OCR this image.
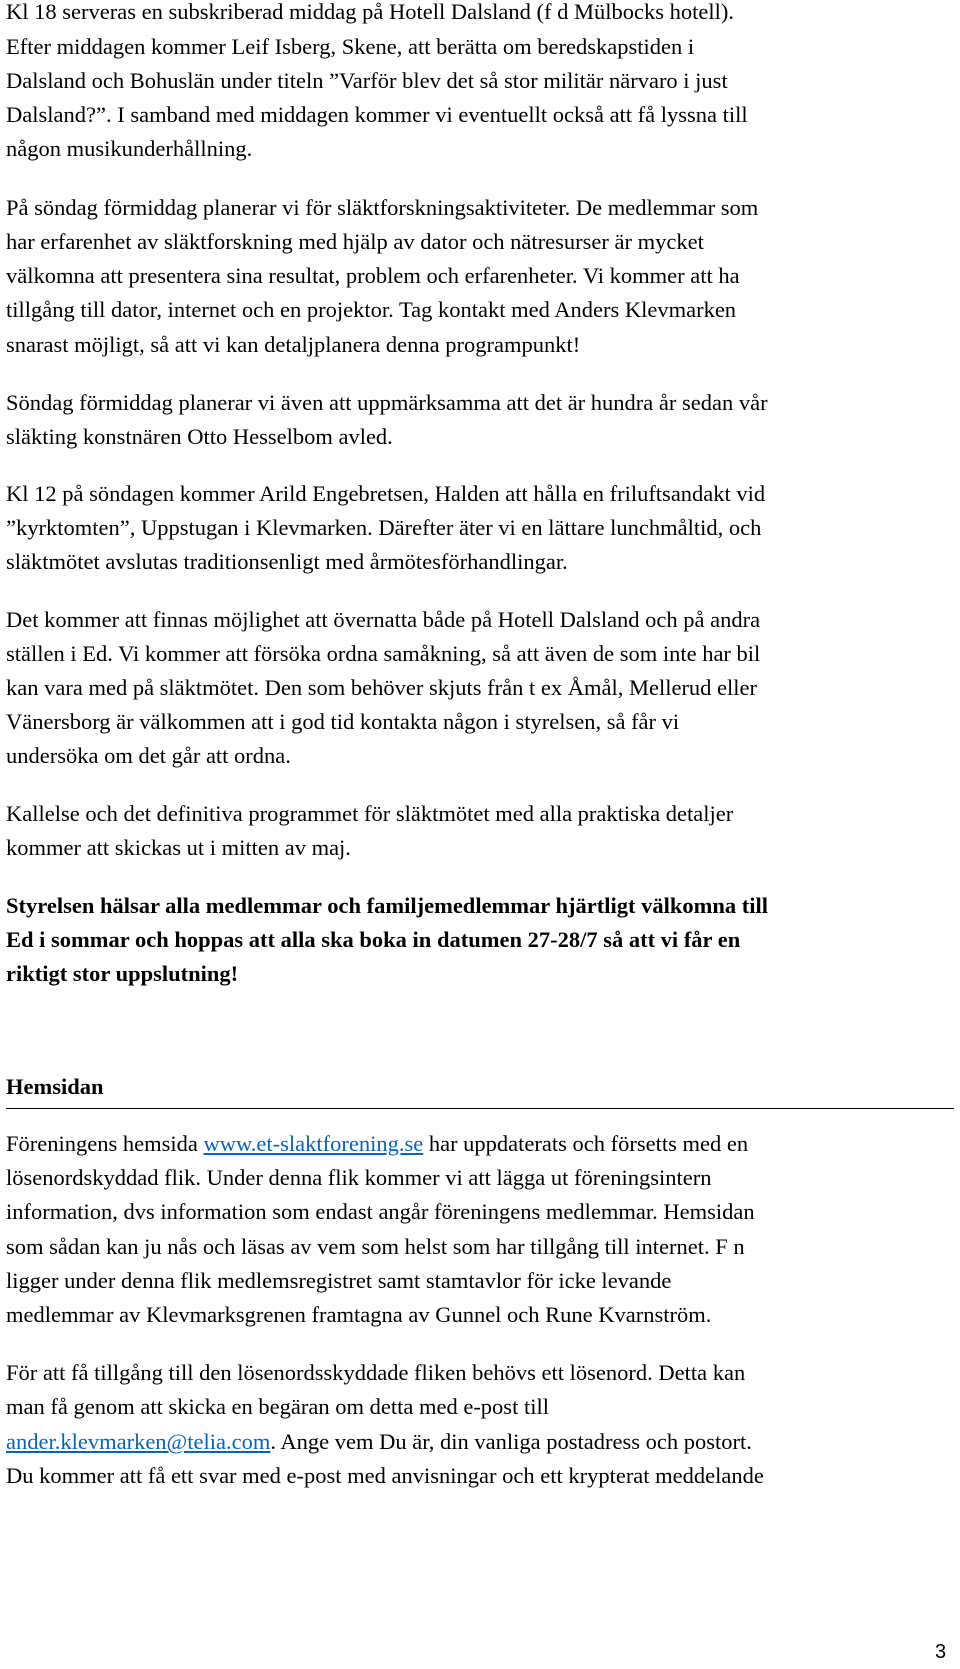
Kl 18 serveras en subskriberad middag på Hotell Dalsland (f d Mülbocks hotell).
Efter middagen kommer Leif Isberg, Skene, att berätta om beredskapstiden i
Dalsland och Bohuslän under titeln ”Varför blev det så stor militär närvaro i just
Dalsland?”. I samband med middagen kommer vi eventuellt också att få lyssna till
någon musikunderhållning.
På söndag förmiddag planerar vi för släktforskningsaktiviteter. De medlemmar som
har erfarenhet av släktforskning med hjälp av dator och nätresurser är mycket
välkomna att presentera sina resultat, problem och erfarenheter. Vi kommer att ha
tillgång till dator, internet och en projektor. Tag kontakt med Anders Klevmarken
snarast möjligt, så att vi kan detaljplanera denna programpunkt!
Söndag förmiddag planerar vi även att uppmärksamma att det är hundra år sedan vår
släkting konstnären Otto Hesselbom avled.
Kl 12 på söndagen kommer Arild Engebretsen, Halden att hålla en friluftsandakt vid
”kyrktomten”, Uppstugan i Klevmarken. Därefter äter vi en lättare lunchmåltid, och
släktmötet avslutas traditionsenligt med årmötesförhandlingar.
Det kommer att finnas möjlighet att övernatta både på Hotell Dalsland och på andra
ställen i Ed. Vi kommer att försöka ordna samåkning, så att även de som inte har bil
kan vara med på släktmötet. Den som behöver skjuts från t ex Åmål, Mellerud eller
Vänersborg är välkommen att i god tid kontakta någon i styrelsen, så får vi
undersöka om det går att ordna.
Kallelse och det definitiva programmet för släktmötet med alla praktiska detaljer
kommer att skickas ut i mitten av maj.
Styrelsen hälsar alla medlemmar och familjemedlemmar hjärtligt välkomna till
Ed i sommar och hoppas att alla ska boka in datumen 27-28/7 så att vi får en
riktigt stor uppslutning!
Hemsidan
Föreningens hemsida www.et-slaktforening.se har uppdaterats och försetts med en
lösenordskyddad flik. Under denna flik kommer vi att lägga ut föreningsintern
information, dvs information som endast angår föreningens medlemmar. Hemsidan
som sådan kan ju nås och läsas av vem som helst som har tillgång till internet. F n
ligger under denna flik medlemsregistret samt stamtavlor för icke levande
medlemmar av Klevmarksgrenen framtagna av Gunnel och Rune Kvarnström.
För att få tillgång till den lösenordsskyddade fliken behövs ett lösenord. Detta kan
man få genom att skicka en begäran om detta med e-post till
ander.klevmarken@telia.com. Ange vem Du är, din vanliga postadress och postort.
Du kommer att få ett svar med e-post med anvisningar och ett krypterat meddelande
3
